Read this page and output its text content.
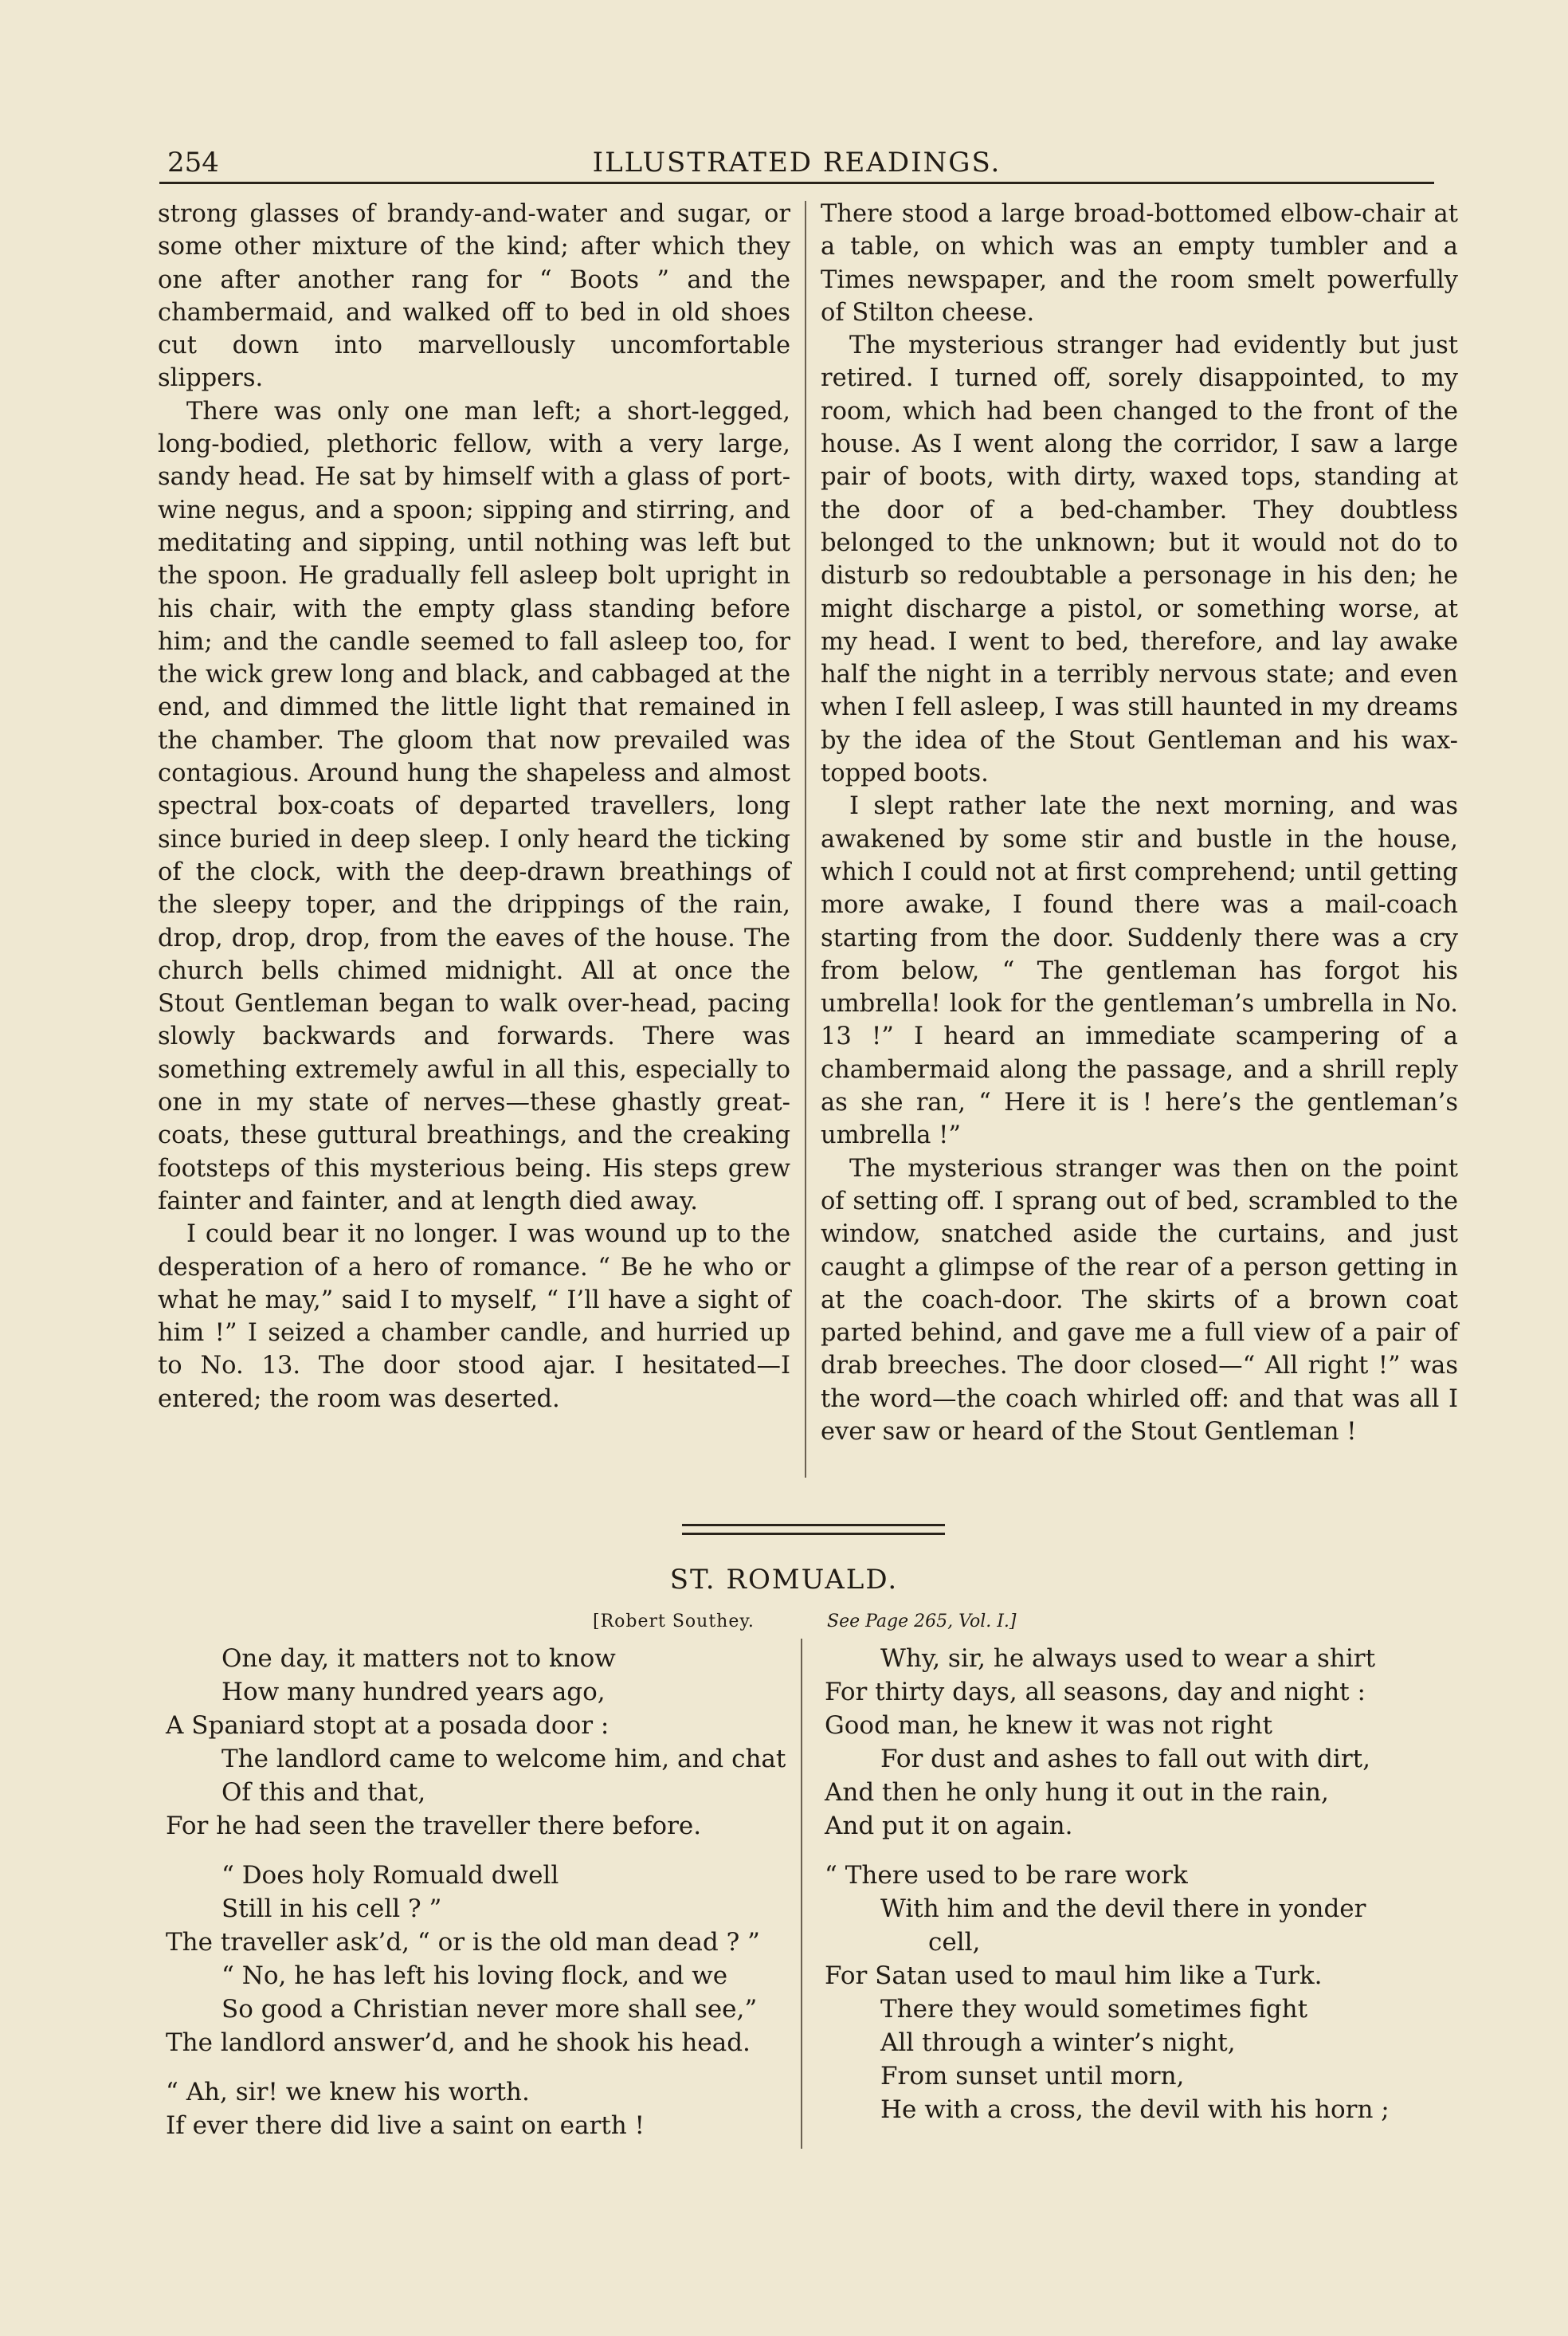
254	ILLUSTRATED READINGS.

strong glasses of brandy-and-water and sugar, or some other mixture of the kind; after which they one after another rang for “ Boots ” and the chambermaid, and walked off to bed in old shoes cut down into marvellously uncomfortable slippers.

There was only one man left; a short-legged, long-bodied, plethoric fellow, with a very large, sandy head. He sat by himself with a glass of port-wine negus, and a spoon; sipping and stirring, and meditating and sipping, until nothing was left but the spoon. He gradually fell asleep bolt upright in his chair, with the empty glass standing before him; and the candle seemed to fall asleep too, for the wick grew long and black, and cabbaged at the end, and dimmed the little light that remained in the chamber. The gloom that now prevailed was contagious. Around hung the shapeless and almost spectral box-coats of departed travellers, long since buried in deep sleep. I only heard the ticking of the clock, with the deep-drawn breathings of the sleepy toper, and the drippings of the rain, drop, drop, drop, from the eaves of the house. The church bells chimed midnight. All at once the Stout Gentleman began to walk over-head, pacing slowly backwards and forwards. There was something extremely awful in all this, especially to one in my state of nerves—these ghastly great-coats, these guttural breathings, and the creaking footsteps of this mysterious being. His steps grew fainter and fainter, and at length died away.

I could bear it no longer. I was wound up to the desperation of a hero of romance. “ Be he who or what he may,” said I to myself, “ I’ll have a sight of him !” I seized a chamber candle, and hurried up to No. 13. The door stood ajar. I hesitated—I entered; the room was deserted.

There stood a large broad-bottomed elbow-chair at a table, on which was an empty tumbler and a Times newspaper, and the room smelt powerfully of Stilton cheese.

The mysterious stranger had evidently but just retired. I turned off, sorely disappointed, to my room, which had been changed to the front of the house. As I went along the corridor, I saw a large pair of boots, with dirty, waxed tops, standing at the door of a bed-chamber. They doubtless belonged to the unknown; but it would not do to disturb so redoubtable a personage in his den; he might discharge a pistol, or something worse, at my head. I went to bed, therefore, and lay awake half the night in a terribly nervous state; and even when I fell asleep, I was still haunted in my dreams by the idea of the Stout Gentleman and his wax-topped boots.

I slept rather late the next morning, and was awakened by some stir and bustle in the house, which I could not at first comprehend; until getting more awake, I found there was a mail-coach starting from the door. Suddenly there was a cry from below, “ The gentleman has forgot his umbrella! look for the gentleman’s umbrella in No. 13 !” I heard an immediate scampering of a chambermaid along the passage, and a shrill reply as she ran, “ Here it is ! here’s the gentleman’s umbrella !”

The mysterious stranger was then on the point of setting off. I sprang out of bed, scrambled to the window, snatched aside the curtains, and just caught a glimpse of the rear of a person getting in at the coach-door. The skirts of a brown coat parted behind, and gave me a full view of a pair of drab breeches. The door closed—“ All right !” was the word—the coach whirled off: and that was all I ever saw or heard of the Stout Gentleman !

ST. ROMUALD.
[Robert Southey.	See Page 265, Vol. I.]
One day, it matters not to know
How many hundred years ago,
A Spaniard stopt at a posada door :
The landlord came to welcome him, and chat
Of this and that,
For he had seen the traveller there before.
“ Does holy Romuald dwell
Still in his cell ? ”
The traveller ask’d, “ or is the old man dead ? ”
“ No, he has left his loving flock, and we
So good a Christian never more shall see,”
The landlord answer’d, and he shook his head.
“ Ah, sir! we knew his worth.
If ever there did live a saint on earth !
Why, sir, he always used to wear a shirt
For thirty days, all seasons, day and night :
Good man, he knew it was not right
For dust and ashes to fall out with dirt,
And then he only hung it out in the rain,
And put it on again.
“ There used to be rare work
With him and the devil there in yonder
cell,
For Satan used to maul him like a Turk.
There they would sometimes fight
All through a winter’s night,
From sunset until morn,
He with a cross, the devil with his horn ;
